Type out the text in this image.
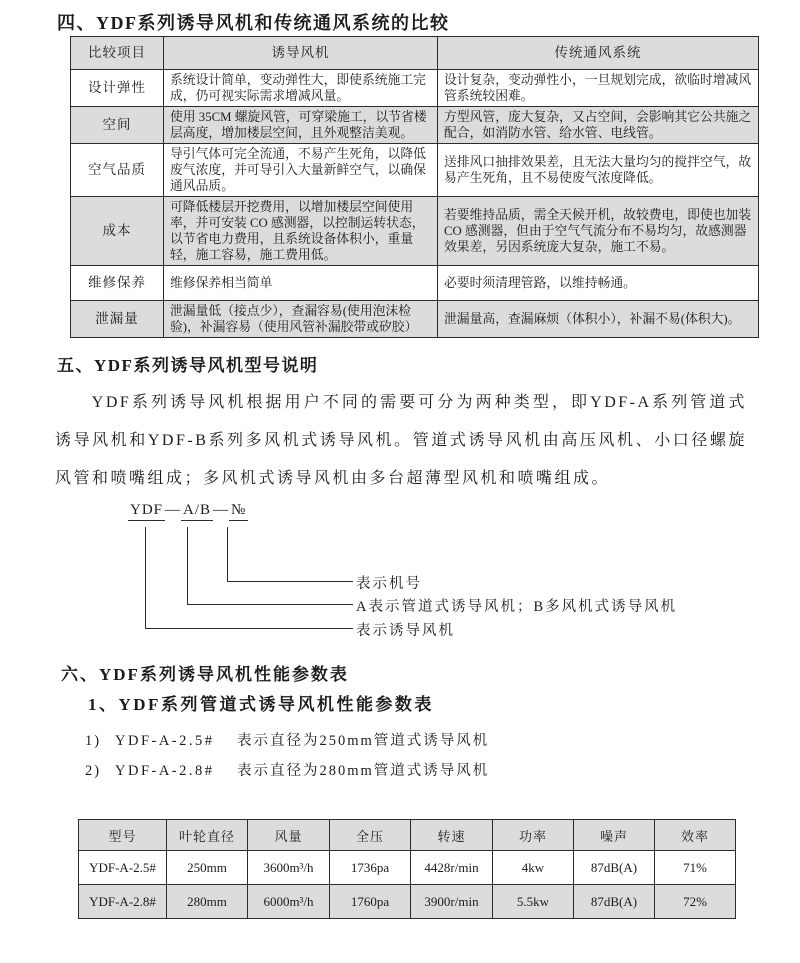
四、YDF系列诱导风机和传统通风系统的比较
比较项目	诱导风机	传统通风系统
设计弹性	系统设计简单，变动弹性大，即使系统施工完成，仍可视实际需求增减风量。	设计复杂，变动弹性小，一旦规划完成，欲临时增减风管系统较困难。
空间	使用 35CM 螺旋风管，可穿梁施工，以节省楼层高度，增加楼层空间，且外观整洁美观。	方型风管，庞大复杂，又占空间，会影响其它公共施之配合，如消防水管、给水管、电线管。
空气品质	导引气体可完全流通，不易产生死角，以降低废气浓度，并可导引入大量新鲜空气，以确保通风品质。	送排风口抽排效果差，且无法大量均匀的搅拌空气，故易产生死角，且不易使废气浓度降低。
成本	可降低楼层开挖费用，以增加楼层空间使用率，并可安装 CO 感测器，以控制运转状态，以节省电力费用，且系统设备体积小，重量轻，施工容易，施工费用低。	若要维持品质，需全天候开机，故较费电，即使也加装 CO 感测器，但由于空气气流分布不易均匀，故感测器效果差，另因系统庞大复杂，施工不易。
维修保养	维修保养相当简单	必要时须清理管路，以维持畅通。
泄漏量	泄漏量低（接点少），查漏容易(使用泡沫检验)，补漏容易（使用风管补漏胶带或矽胶）	泄漏量高，查漏麻烦（体积小），补漏不易(体积大)。
五、YDF系列诱导风机型号说明
YDF系列诱导风机根据用户不同的需要可分为两种类型，即YDF-A系列管道式诱导风机和YDF-B系列多风机式诱导风机。管道式诱导风机由高压风机、小口径螺旋风管和喷嘴组成；多风机式诱导风机由多台超薄型风机和喷嘴组成。
YDF — A/B — №
表示机号
A表示管道式诱导风机；B多风机式诱导风机
表示诱导风机
六、YDF系列诱导风机性能参数表
1、YDF系列管道式诱导风机性能参数表
1) YDF-A-2.5# 表示直径为250mm管道式诱导风机
2) YDF-A-2.8# 表示直径为280mm管道式诱导风机
型号	叶轮直径	风量	全压	转速	功率	噪声	效率
YDF-A-2.5#	250mm	3600m³/h	1736pa	4428r/min	4kw	87dB(A)	71%
YDF-A-2.8#	280mm	6000m³/h	1760pa	3900r/min	5.5kw	87dB(A)	72%
